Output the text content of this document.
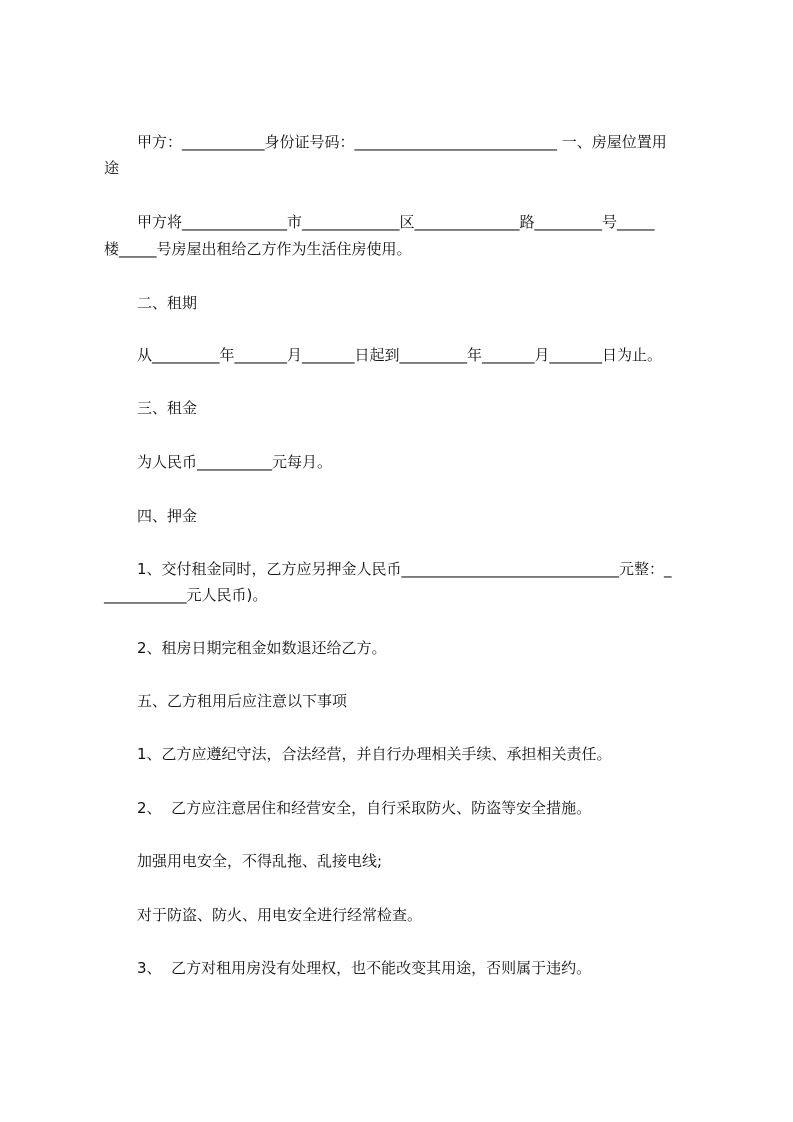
甲方：___________身份证号码：___________________________ 一、房屋位置用
途
甲方将______________市_____________区______________路_________号_____
楼_____号房屋出租给乙方作为生活住房使用。
二、租期
从_________年_______月_______日起到_________年_______月_______日为止。
三、租金
为人民币__________元每月。
四、押金
1、交付租金同时，乙方应另押金人民币_____________________________元整：_
___________元人民币)。
2、租房日期完租金如数退还给乙方。
五、乙方租用后应注意以下事项
1、乙方应遵纪守法，合法经营，并自行办理相关手续、承担相关责任。
2、  乙方应注意居住和经营安全，自行采取防火、防盗等安全措施。
加强用电安全，不得乱拖、乱接电线;
对于防盗、防火、用电安全进行经常检查。
3、  乙方对租用房没有处理权，也不能改变其用途，否则属于违约。
